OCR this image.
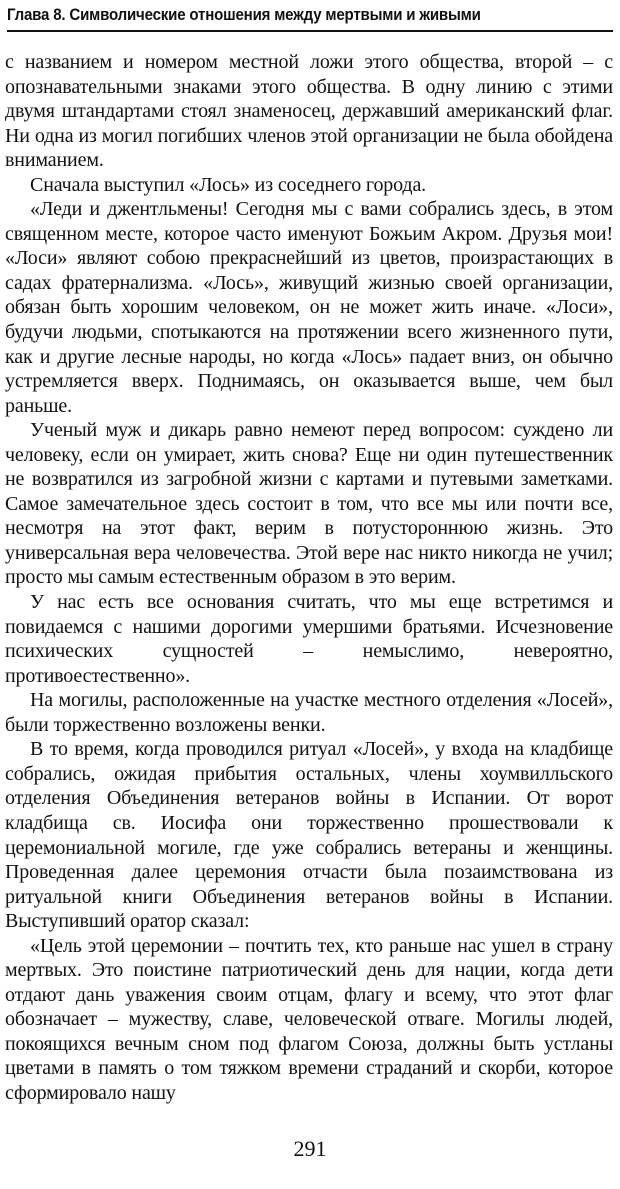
Глава 8. Символические отношения между мертвыми и живыми

с названием и номером местной ложи этого общества, второй – с опознавательными знаками этого общества. В одну линию с этими двумя штандартами стоял знаменосец, державший американский флаг. Ни одна из могил погибших членов этой организации не была обойдена вниманием.

Сначала выступил «Лось» из соседнего города.

«Леди и джентльмены! Сегодня мы с вами собрались здесь, в этом священном месте, которое часто именуют Божьим Акром. Друзья мои! «Лоси» являют собою прекраснейший из цветов, произрастающих в садах фратернализма. «Лось», живущий жизнью своей организации, обязан быть хорошим человеком, он не может жить иначе. «Лоси», будучи людьми, спотыкаются на протяжении всего жизненного пути, как и другие лесные народы, но когда «Лось» падает вниз, он обычно устремляется вверх. Поднимаясь, он оказывается выше, чем был раньше.

Ученый муж и дикарь равно немеют перед вопросом: суждено ли человеку, если он умирает, жить снова? Еще ни один путешественник не возвратился из загробной жизни с картами и путевыми заметками. Самое замечательное здесь состоит в том, что все мы или почти все, несмотря на этот факт, верим в потустороннюю жизнь. Это универсальная вера человечества. Этой вере нас никто никогда не учил; просто мы самым естественным образом в это верим.

У нас есть все основания считать, что мы еще встретимся и повидаемся с нашими дорогими умершими братьями. Исчезновение психических сущностей – немыслимо, невероятно, противоестественно».

На могилы, расположенные на участке местного отделения «Лосей», были торжественно возложены венки.

В то время, когда проводился ритуал «Лосей», у входа на кладбище собрались, ожидая прибытия остальных, члены хоумвилльского отделения Объединения ветеранов войны в Испании. От ворот кладбища св. Иосифа они торжественно прошествовали к церемониальной могиле, где уже собрались ветераны и женщины. Проведенная далее церемония отчасти была позаимствована из ритуальной книги Объединения ветеранов войны в Испании. Выступивший оратор сказал:

«Цель этой церемонии – почтить тех, кто раньше нас ушел в страну мертвых. Это поистине патриотический день для нации, когда дети отдают дань уважения своим отцам, флагу и всему, что этот флаг обозначает – мужеству, славе, человеческой отваге. Могилы людей, покоящихся вечным сном под флагом Союза, должны быть устланы цветами в память о том тяжком времени страданий и скорби, которое сформировало нашу

291
